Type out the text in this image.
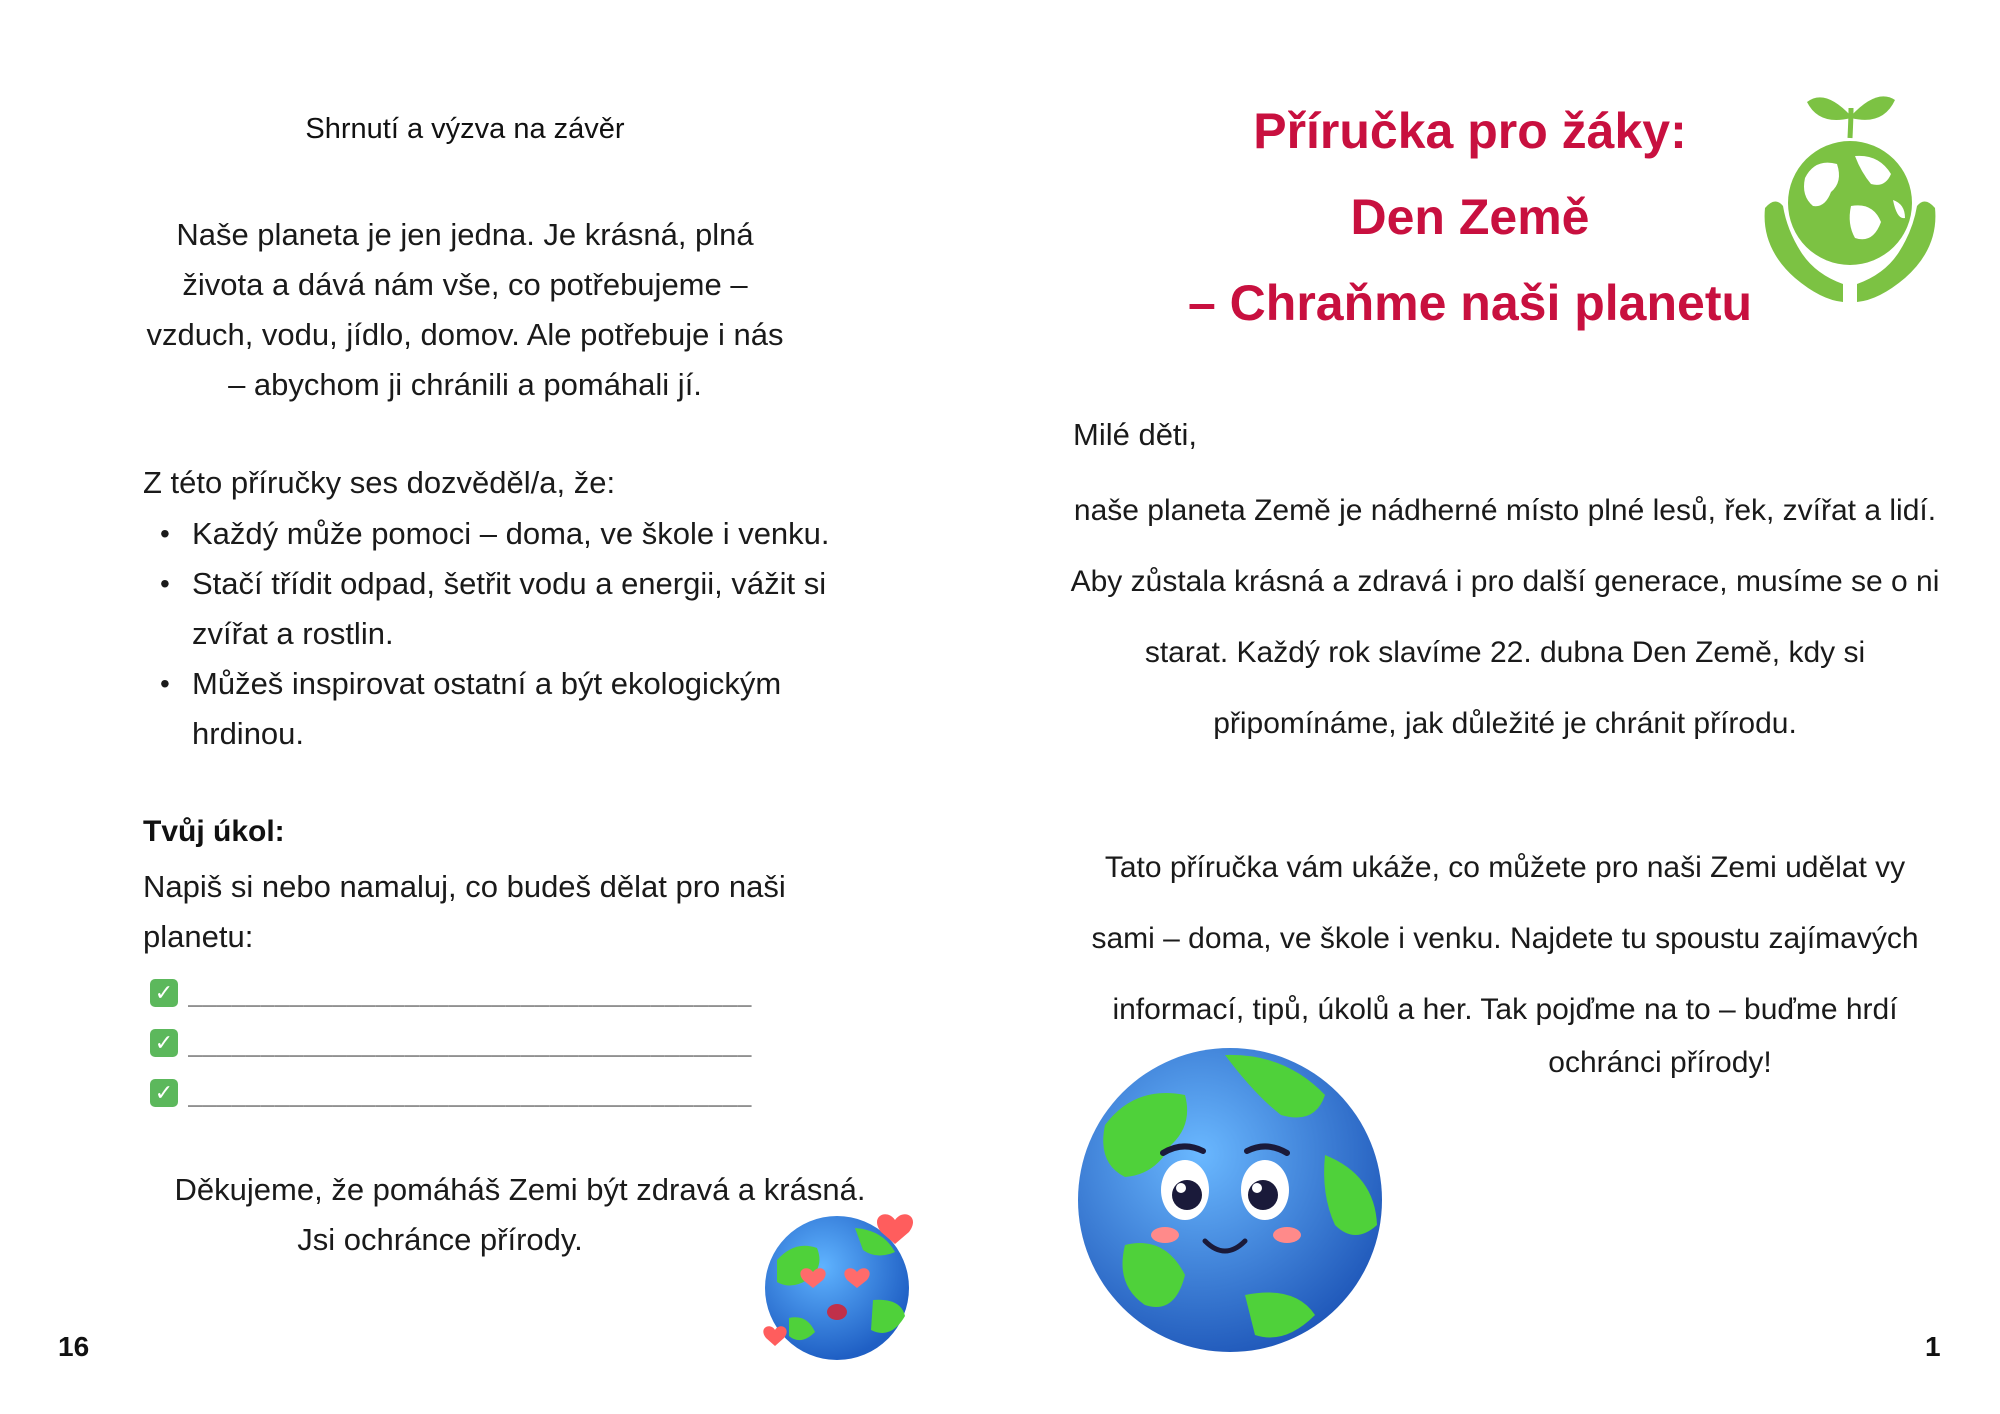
Shrnutí a výzva na závěr
Naše planeta je jen jedna. Je krásná, plná života a dává nám vše, co potřebujeme – vzduch, vodu, jídlo, domov. Ale potřebuje i nás – abychom ji chránili a pomáhali jí.
Z této příručky ses dozvěděl/a, že:
• Každý může pomoci – doma, ve škole i venku.
• Stačí třídit odpad, šetřit vodu a energii, vážit si zvířat a rostlin.
• Můžeš inspirovat ostatní a být ekologickým hrdinou.
Tvůj úkol:
Napiš si nebo namaluj, co budeš dělat pro naši planetu:
✓ _______________________________________
✓ _______________________________________
✓ _______________________________________
Děkujeme, že pomáháš Zemi být zdravá a krásná.
Jsi ochránce přírody.
16
Příručka pro žáky:
Den Země
– Chraňme naši planetu
Milé děti,
naše planeta Země je nádherné místo plné lesů, řek, zvířat a lidí. Aby zůstala krásná a zdravá i pro další generace, musíme se o ni starat. Každý rok slavíme 22. dubna Den Země, kdy si připomínáme, jak důležité je chránit přírodu.
Tato příručka vám ukáže, co můžete pro naši Zemi udělat vy sami – doma, ve škole i venku. Najdete tu spoustu zajímavých informací, tipů, úkolů a her. Tak pojďme na to – buďme hrdí
ochránci přírody!
1
